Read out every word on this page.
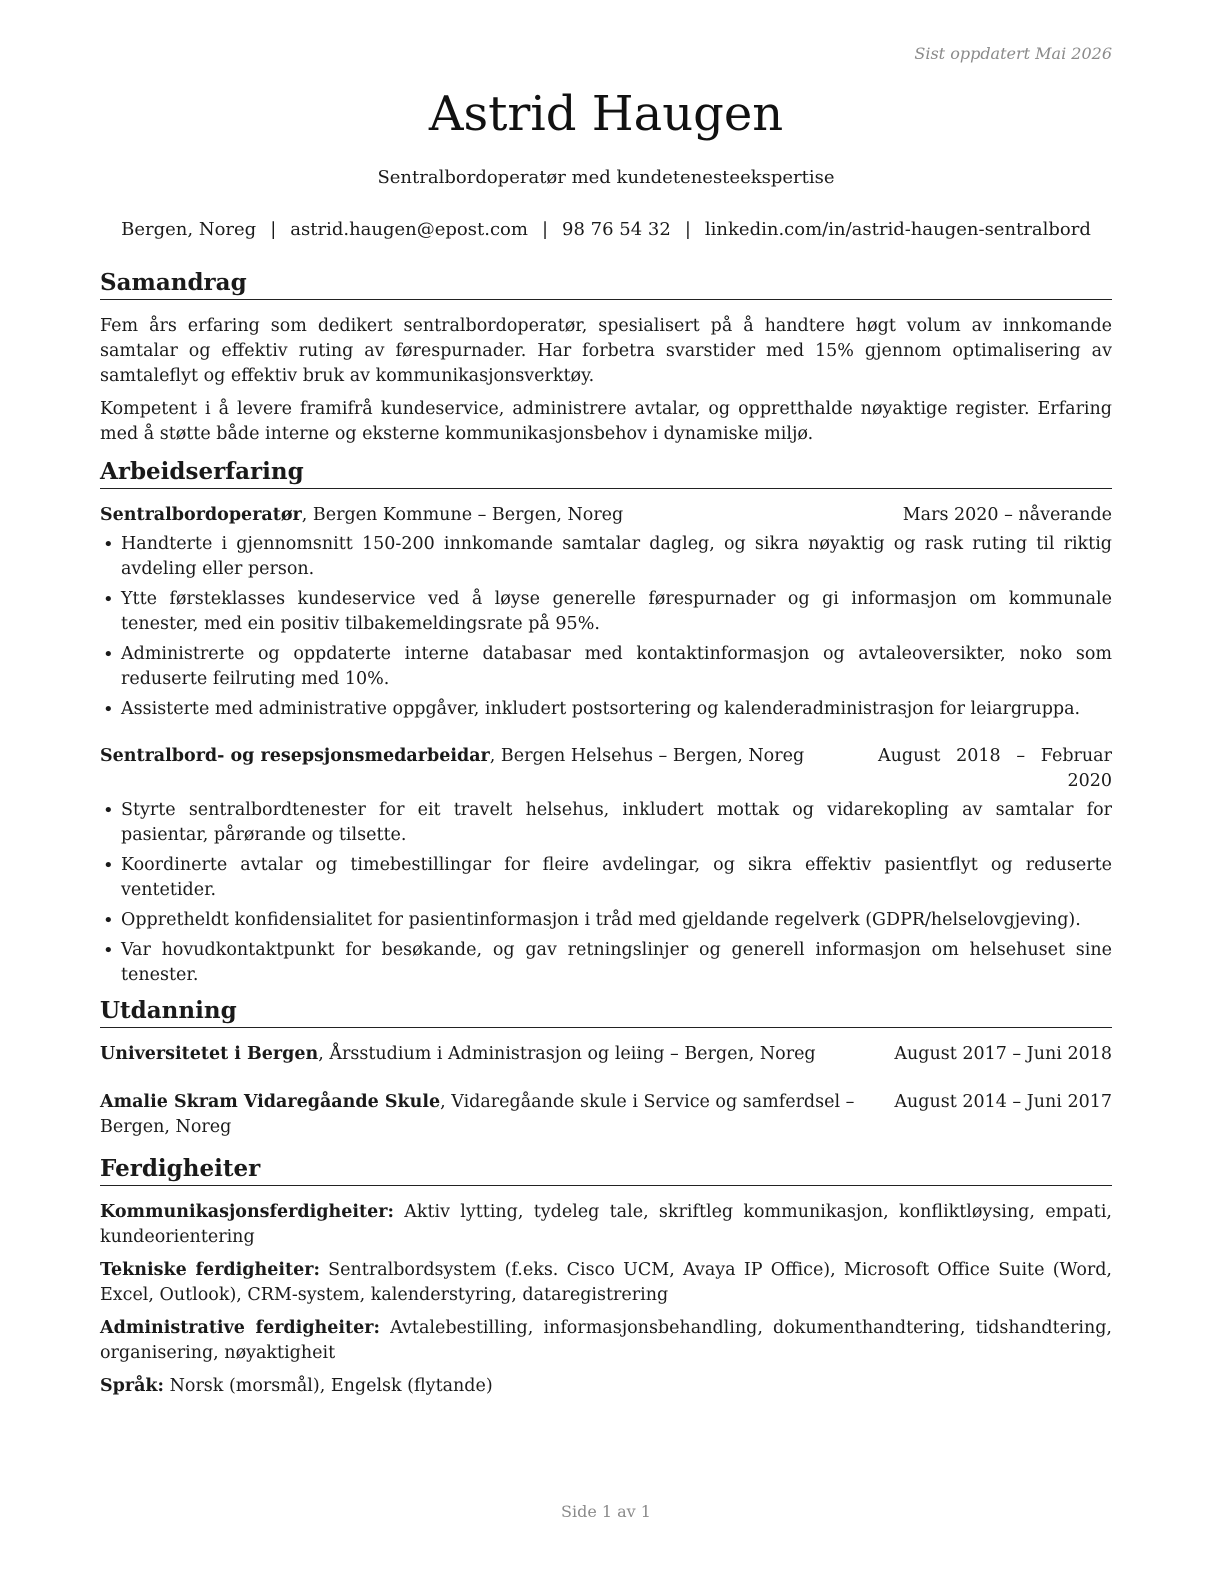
Sist oppdatert Mai 2026
Astrid Haugen
Sentralbordoperatør med kundetenesteekspertise
Bergen, Noreg | astrid.haugen@epost.com | 98 76 54 32 | linkedin.com/in/astrid-haugen-sentralbord
Samandrag

Fem års erfaring som dedikert sentralbordoperatør, spesialisert på å handtere høgt volum av innkomande samtalar og effektiv ruting av førespurnader. Har forbetra svarstider med 15% gjennom optimalisering av samtaleflyt og effektiv bruk av kommunikasjonsverktøy.

Kompetent i å levere framifrå kundeservice, administrere avtalar, og oppretthalde nøyaktige register. Erfaring med å støtte både interne og eksterne kommunikasjonsbehov i dynamiske miljø.

Arbeidserfaring
Sentralbordoperatør, Bergen Kommune – Bergen, Noreg	Mars 2020 – nåverande
• Handterte i gjennomsnitt 150-200 innkomande samtalar dagleg, og sikra nøyaktig og rask ruting til riktig avdeling eller person.
• Ytte førsteklasses kundeservice ved å løyse generelle førespurnader og gi informasjon om kommunale tenester, med ein positiv tilbakemeldingsrate på 95%.
• Administrerte og oppdaterte interne databasar med kontaktinformasjon og avtaleoversikter, noko som reduserte feilruting med 10%.
• Assisterte med administrative oppgåver, inkludert postsortering og kalenderadministrasjon for leiargruppa.
Sentralbord- og resepsjonsmedarbeidar, Bergen Helsehus – Bergen, Noreg	August 2018 – Februar 2020
• Styrte sentralbordtenester for eit travelt helsehus, inkludert mottak og vidarekopling av samtalar for pasientar, pårørande og tilsette.
• Koordinerte avtalar og timebestillingar for fleire avdelingar, og sikra effektiv pasientflyt og reduserte ventetider.
• Oppretheldt konfidensialitet for pasientinformasjon i tråd med gjeldande regelverk (GDPR/helselovgjeving).
• Var hovudkontaktpunkt for besøkande, og gav retningslinjer og generell informasjon om helsehuset sine tenester.
Utdanning
Universitetet i Bergen, Årsstudium i Administrasjon og leiing – Bergen, Noreg	August 2017 – Juni 2018
Amalie Skram Vidaregåande Skule, Vidaregåande skule i Service og samferdsel – Bergen, Noreg
August 2014 – Juni 2017
Ferdigheiter
Kommunikasjonsferdigheiter: Aktiv lytting, tydeleg tale, skriftleg kommunikasjon, konfliktløysing, empati, kundeorientering
Tekniske ferdigheiter: Sentralbordsystem (f.eks. Cisco UCM, Avaya IP Office), Microsoft Office Suite (Word, Excel, Outlook), CRM-system, kalenderstyring, dataregistrering
Administrative ferdigheiter: Avtalebestilling, informasjonsbehandling, dokumenthandtering, tidshandtering, organisering, nøyaktigheit
Språk: Norsk (morsmål), Engelsk (flytande)
Side 1 av 1
